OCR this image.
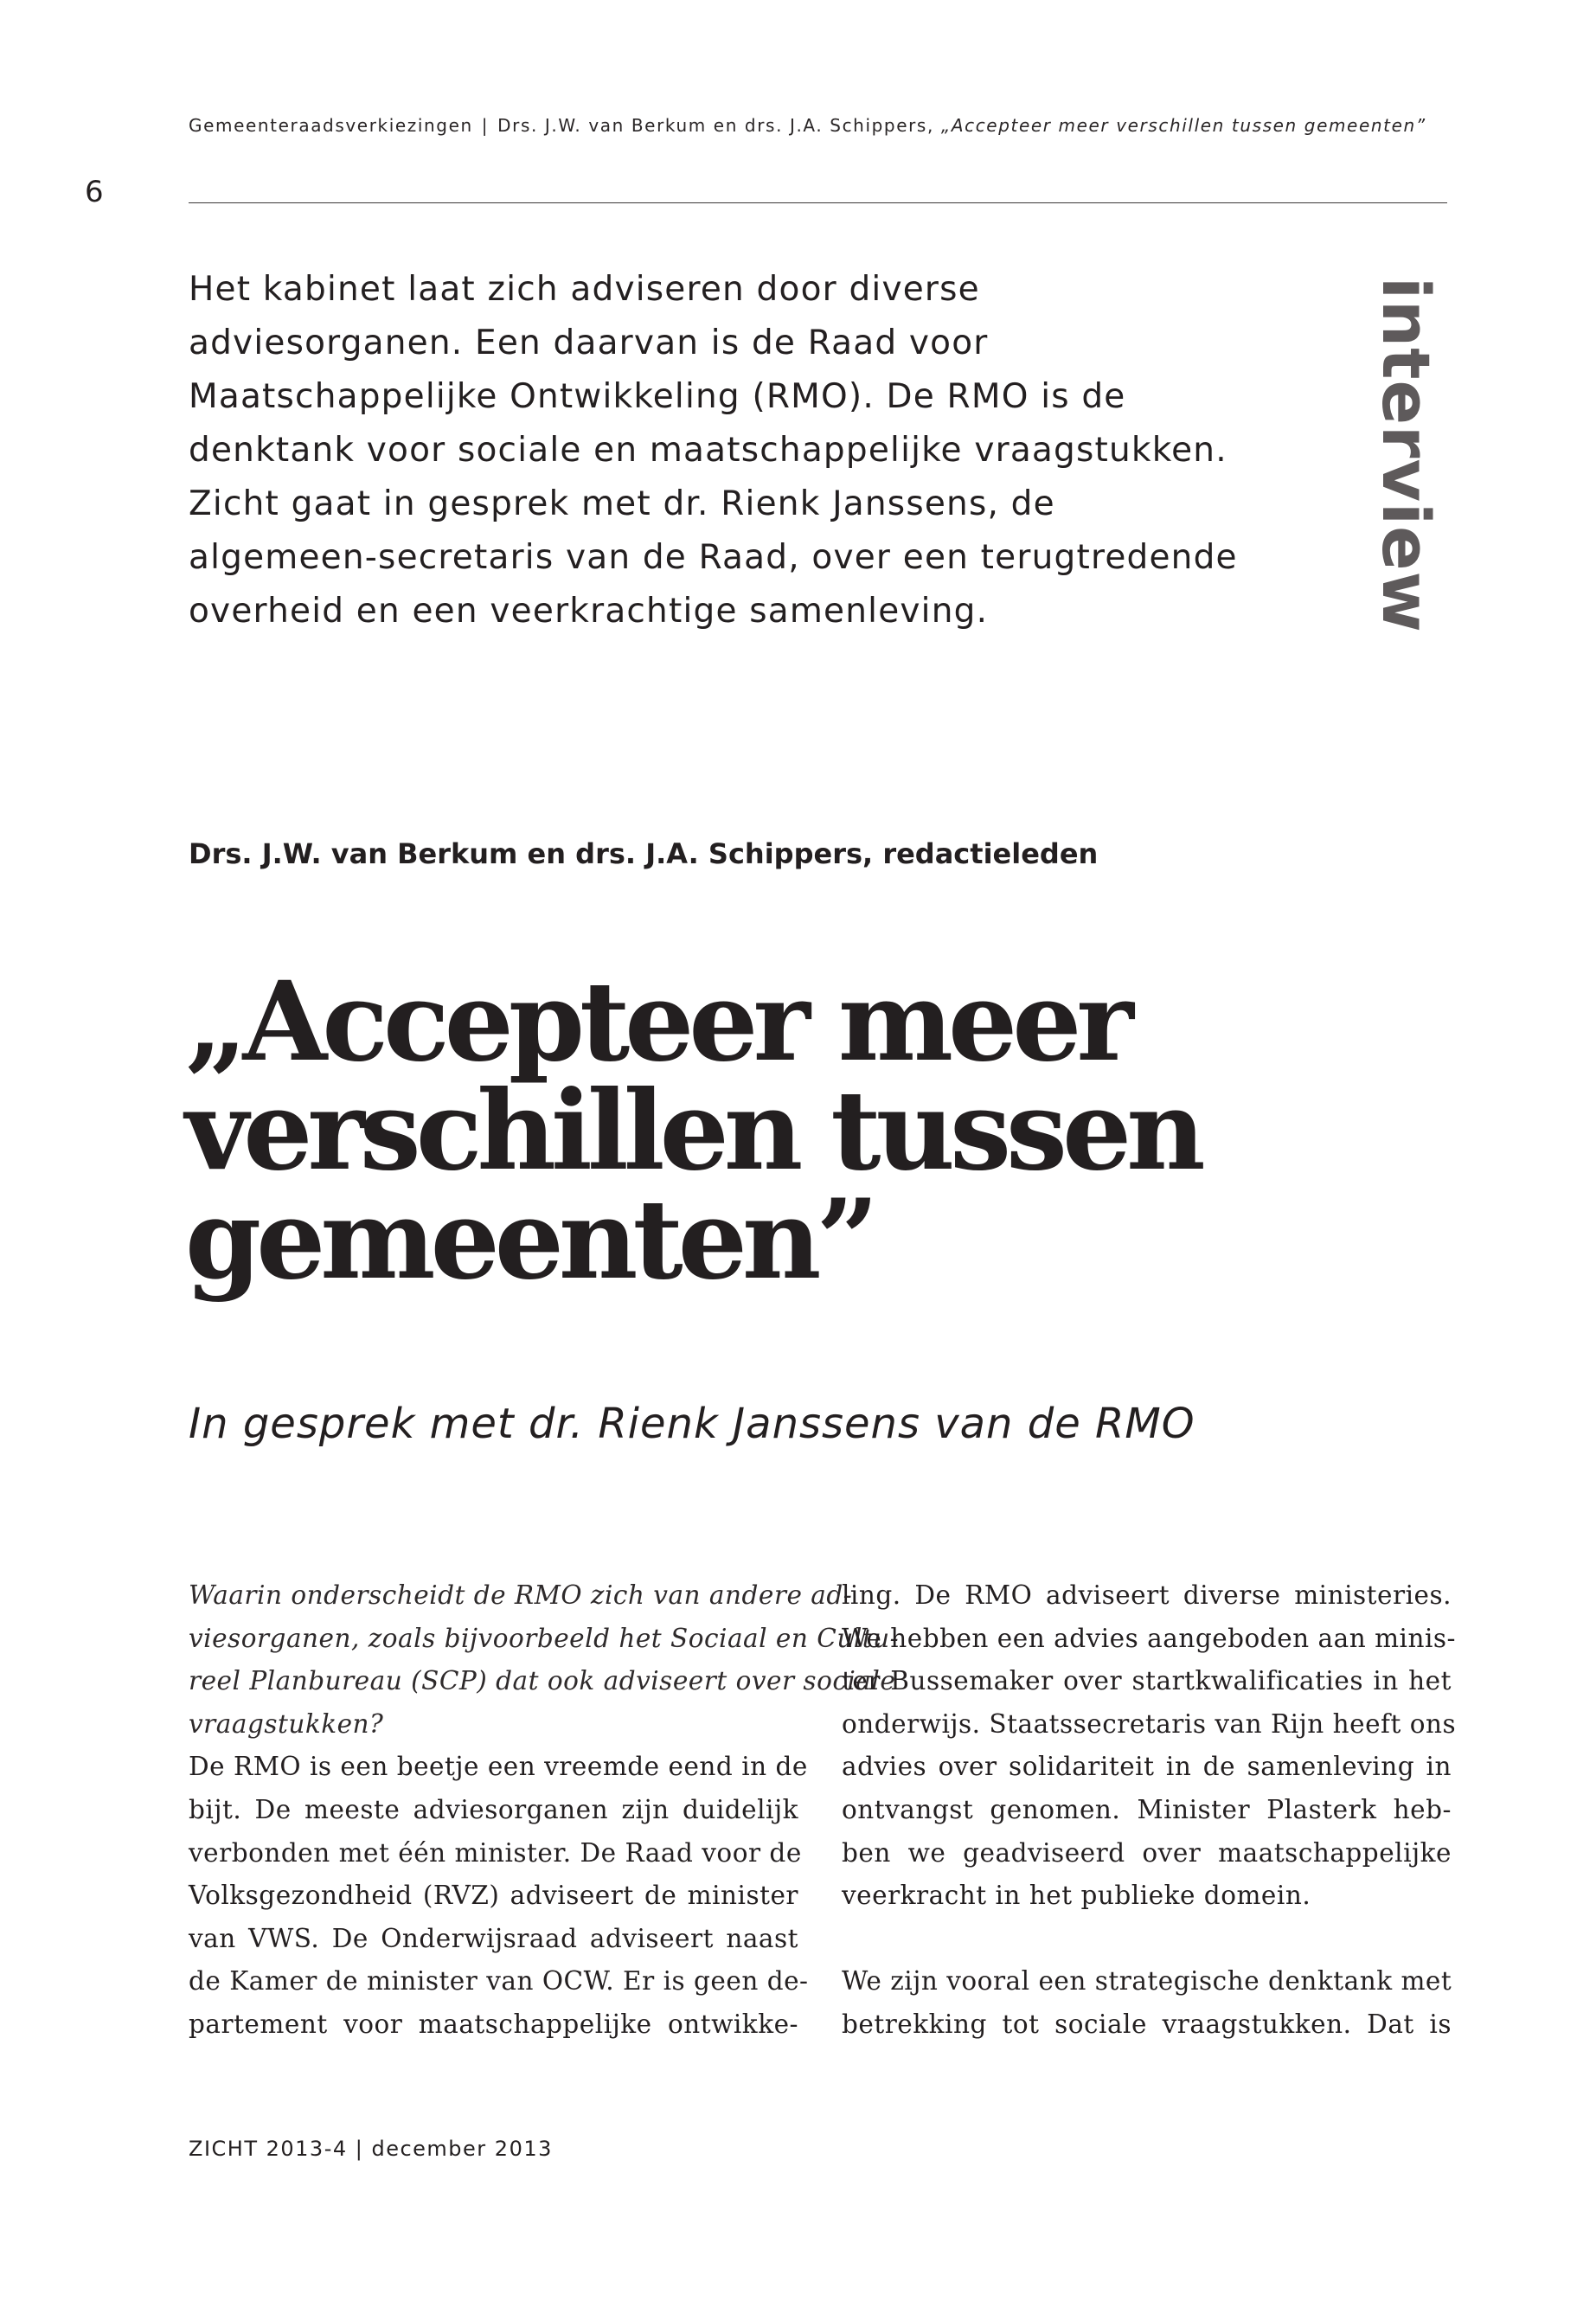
Gemeenteraadsverkiezingen | Drs. J.W. van Berkum en drs. J.A. Schippers, „Accepteer meer verschillen tussen gemeenten”
6
Het kabinet laat zich adviseren door diverse
adviesorganen. Een daarvan is de Raad voor
Maatschappelijke Ontwikkeling (RMO). De RMO is de
denktank voor sociale en maatschappelijke vraagstukken.
Zicht gaat in gesprek met dr. Rienk Janssens, de
algemeen-secretaris van de Raad, over een terugtredende
overheid en een veerkrachtige samenleving.	interview
Drs. J.W. van Berkum en drs. J.A. Schippers, redactieleden
„Accepteer meer
verschillen tussen
gemeenten”
In gesprek met dr. Rienk Janssens van de RMO
Waarin onderscheidt de RMO zich van andere ad-
viesorganen, zoals bijvoorbeeld het Sociaal en Cultu-
reel Planbureau (SCP) dat ook adviseert over sociale
vraagstukken?
De RMO is een beetje een vreemde eend in de
bijt. De meeste adviesorganen zijn duidelijk
verbonden met één minister. De Raad voor de
Volksgezondheid (RVZ) adviseert de minister
van VWS. De Onderwijsraad adviseert naast
de Kamer de minister van OCW. Er is geen de-
partement voor maatschappelijke ontwikke-
ling. De RMO adviseert diverse ministeries.
We hebben een advies aangeboden aan minis-
ter Bussemaker over startkwalificaties in het
onderwijs. Staatssecretaris van Rijn heeft ons
advies over solidariteit in de samenleving in
ontvangst genomen. Minister Plasterk heb-
ben we geadviseerd over maatschappelijke
veerkracht in het publieke domein.
We zijn vooral een strategische denktank met
betrekking tot sociale vraagstukken. Dat is
ZICHT 2013-4 | december 2013
